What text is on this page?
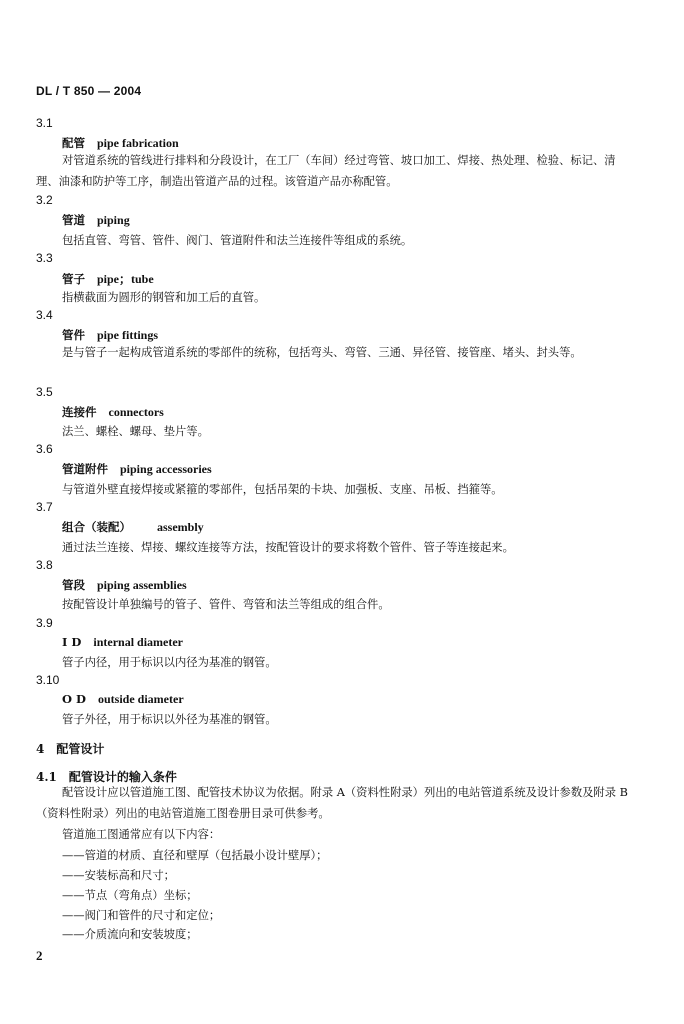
DL / T 850 — 2004
3.1
配管 pipe fabrication

对管道系统的管线进行排料和分段设计，在工厂（车间）经过弯管、坡口加工、焊接、热处理、检验、标记、清理、油漆和防护等工序，制造出管道产品的过程。该管道产品亦称配管。

3.2
管道 piping
包括直管、弯管、管件、阀门、管道附件和法兰连接件等组成的系统。
3.3
管子 pipe；tube
指横截面为圆形的钢管和加工后的直管。
3.4
管件 pipe fittings

是与管子一起构成管道系统的零部件的统称，包括弯头、弯管、三通、异径管、接管座、堵头、封头等。

3.5
连接件 connectors
法兰、螺栓、螺母、垫片等。
3.6
管道附件 piping accessories
与管道外壁直接焊接或紧箍的零部件，包括吊架的卡块、加强板、支座、吊板、挡箍等。
3.7
组合（装配） assembly
通过法兰连接、焊接、螺纹连接等方法，按配管设计的要求将数个管件、管子等连接起来。
3.8
管段 piping assemblies
按配管设计单独编号的管子、管件、弯管和法兰等组成的组合件。
3.9
I D internal diameter
管子内径，用于标识以内径为基准的钢管。
3.10
O D outside diameter
管子外径，用于标识以外径为基准的钢管。
4 配管设计
4.1 配管设计的输入条件

配管设计应以管道施工图、配管技术协议为依据。附录 A（资料性附录）列出的电站管道系统及设计参数及附录 B（资料性附录）列出的电站管道施工图卷册目录可供参考。

管道施工图通常应有以下内容：
——管道的材质、直径和壁厚（包括最小设计壁厚）；
——安装标高和尺寸；
——节点（弯角点）坐标；
——阀门和管件的尺寸和定位；
——介质流向和安装坡度；
2
